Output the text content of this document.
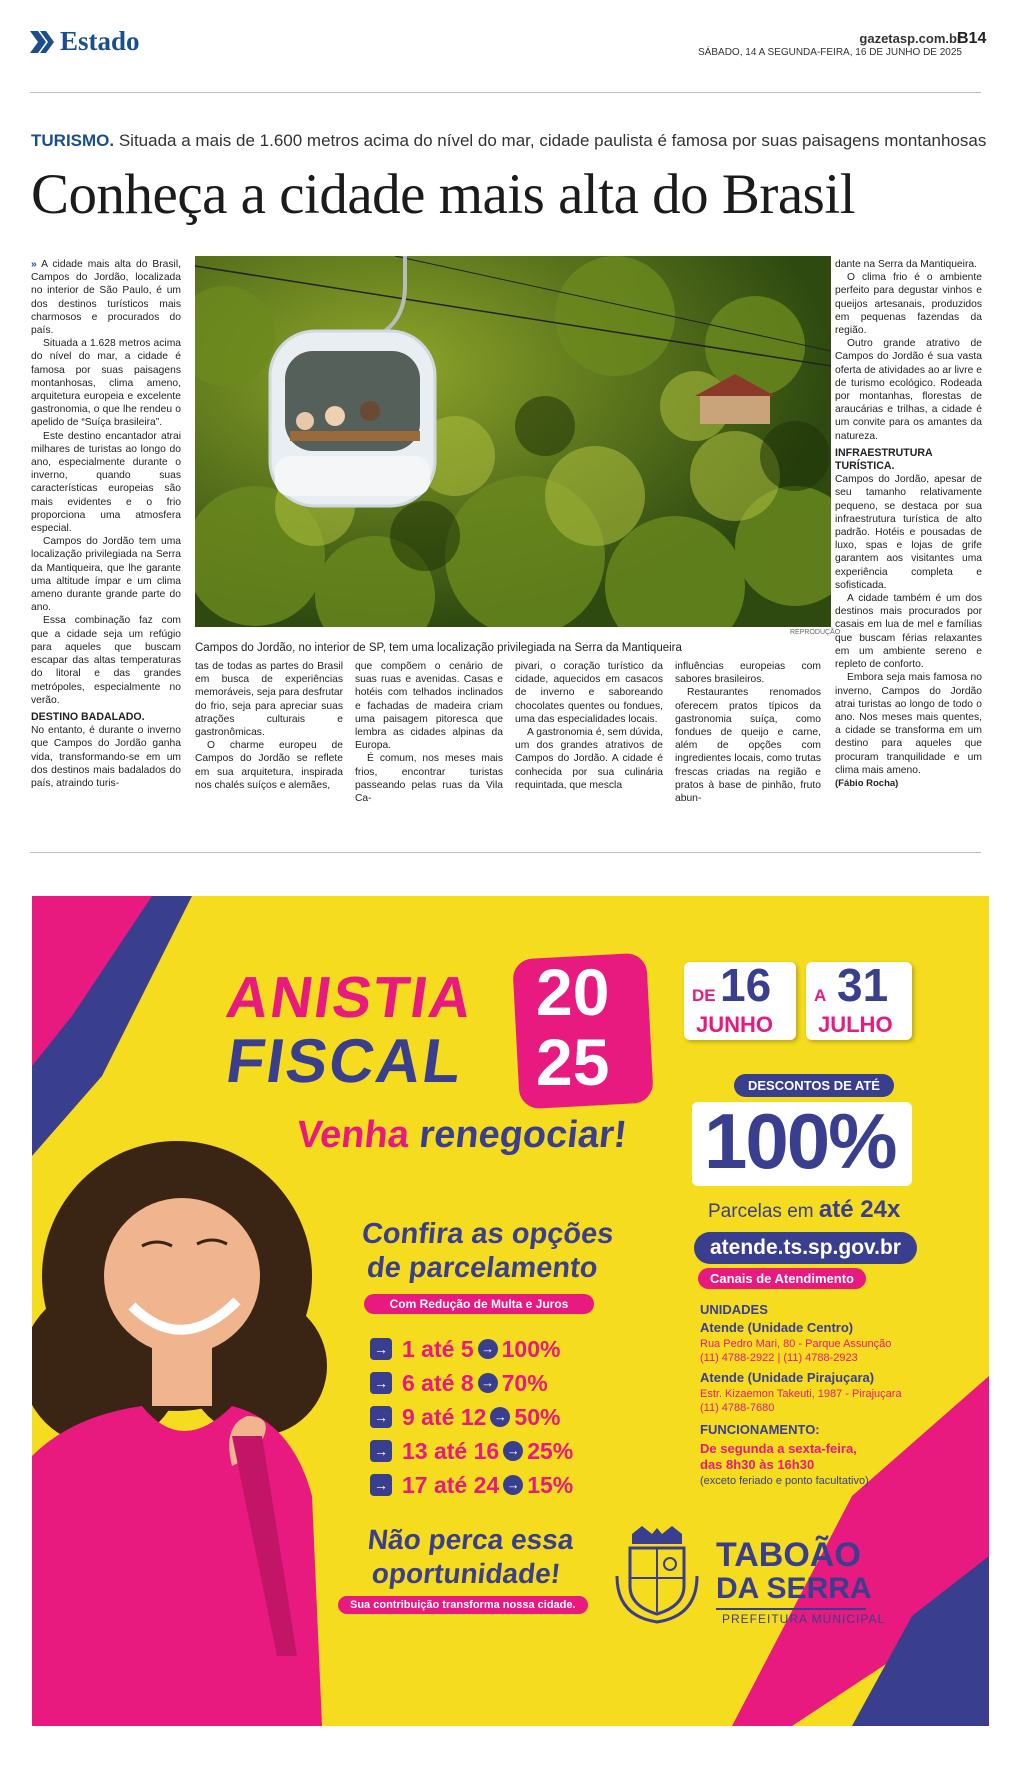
Estado	gazetasp.com.br
SÁBADO, 14 A SEGUNDA-FEIRA, 16 DE JUNHO DE 2025
B14
TURISMO. Situada a mais de 1.600 metros acima do nível do mar, cidade paulista é famosa por suas paisagens montanhosas
Conheça a cidade mais alta do Brasil

» A cidade mais alta do Brasil, Campos do Jordão, localizada no interior de São Paulo, é um dos destinos turísticos mais charmosos e procurados do país.

Situada a 1.628 metros acima do nível do mar, a cidade é famosa por suas paisagens montanhosas, clima ameno, arquitetura europeia e excelente gastronomia, o que lhe rendeu o apelido de “Suíça brasileira”.

Este destino encantador atrai milhares de turistas ao longo do ano, especialmente durante o inverno, quando suas características europeias são mais evidentes e o frio proporciona uma atmosfera especial.

Campos do Jordão tem uma localização privilegiada na Serra da Mantiqueira, que lhe garante uma altitude ímpar e um clima ameno durante grande parte do ano.

Essa combinação faz com que a cidade seja um refúgio para aqueles que buscam escapar das altas temperaturas do litoral e das grandes metrópoles, especialmente no verão.

DESTINO BADALADO.

No entanto, é durante o inverno que Campos do Jordão ganha vida, transformando-se em um dos destinos mais badalados do país, atraindo turis-

REPRODUÇÃO
Campos do Jordão, no interior de SP, tem uma localização privilegiada na Serra da Mantiqueira

tas de todas as partes do Brasil em busca de experiências memoráveis, seja para desfrutar do frio, seja para apreciar suas atrações culturais e gastronômicas.

O charme europeu de Campos do Jordão se reflete em sua arquitetura, inspirada nos chalés suíços e alemães,

que compõem o cenário de suas ruas e avenidas. Casas e hotéis com telhados inclinados e fachadas de madeira criam uma paisagem pitoresca que lembra as cidades alpinas da Europa.

É comum, nos meses mais frios, encontrar turistas passeando pelas ruas da Vila Ca-

pivari, o coração turístico da cidade, aquecidos em casacos de inverno e saboreando chocolates quentes ou fondues, uma das especialidades locais.

A gastronomia é, sem dúvida, um dos grandes atrativos de Campos do Jordão. A cidade é conhecida por sua culinária requintada, que mescla

influências europeias com sabores brasileiros.

Restaurantes renomados oferecem pratos típicos da gastronomia suíça, como fondues de queijo e carne, além de opções com ingredientes locais, como trutas frescas criadas na região e pratos à base de pinhão, fruto abun-

dante na Serra da Mantiqueira.

O clima frio é o ambiente perfeito para degustar vinhos e queijos artesanais, produzidos em pequenas fazendas da região.

Outro grande atrativo de Campos do Jordão é sua vasta oferta de atividades ao ar livre e de turismo ecológico. Rodeada por montanhas, florestas de araucárias e trilhas, a cidade é um convite para os amantes da natureza.

INFRAESTRUTURA TURÍSTICA.

Campos do Jordão, apesar de seu tamanho relativamente pequeno, se destaca por sua infraestrutura turística de alto padrão. Hotéis e pousadas de luxo, spas e lojas de grife garantem aos visitantes uma experiência completa e sofisticada.

A cidade também é um dos destinos mais procurados por casais em lua de mel e famílias que buscam férias relaxantes em um ambiente sereno e repleto de conforto.

Embora seja mais famosa no inverno, Campos do Jordão atrai turistas ao longo de todo o ano. Nos meses mais quentes, a cidade se transforma em um destino para aqueles que procuram tranquilidade e um clima mais ameno.

(Fábio Rocha)

ANISTIA
FISCAL
20
25
Venha renegociar!
DE 16
JUNHO
A 31
JULHO
DESCONTOS DE ATÉ
100%
Parcelas em até 24x
atende.ts.sp.gov.br
Canais de Atendimento
Confira as opções
de parcelamento
Com Redução de Multa e Juros
→ 1 até 5 → 100%
→ 6 até 8 → 70%
→ 9 até 12 → 50%
→ 13 até 16 → 25%
→ 17 até 24 → 15%
UNIDADES
Atende (Unidade Centro)
Rua Pedro Mari, 80 - Parque Assunção
(11) 4788-2922 | (11) 4788-2923
Atende (Unidade Pirajuçara)
Estr. Kizaemon Takeuti, 1987 - Pirajuçara
(11) 4788-7680
FUNCIONAMENTO:
De segunda a sexta-feira,
das 8h30 às 16h30
(exceto feriado e ponto facultativo)
Não perca essa
oportunidade!
Sua contribuição transforma nossa cidade.
TABOÃO
DA SERRA
PREFEITURA MUNICIPAL
